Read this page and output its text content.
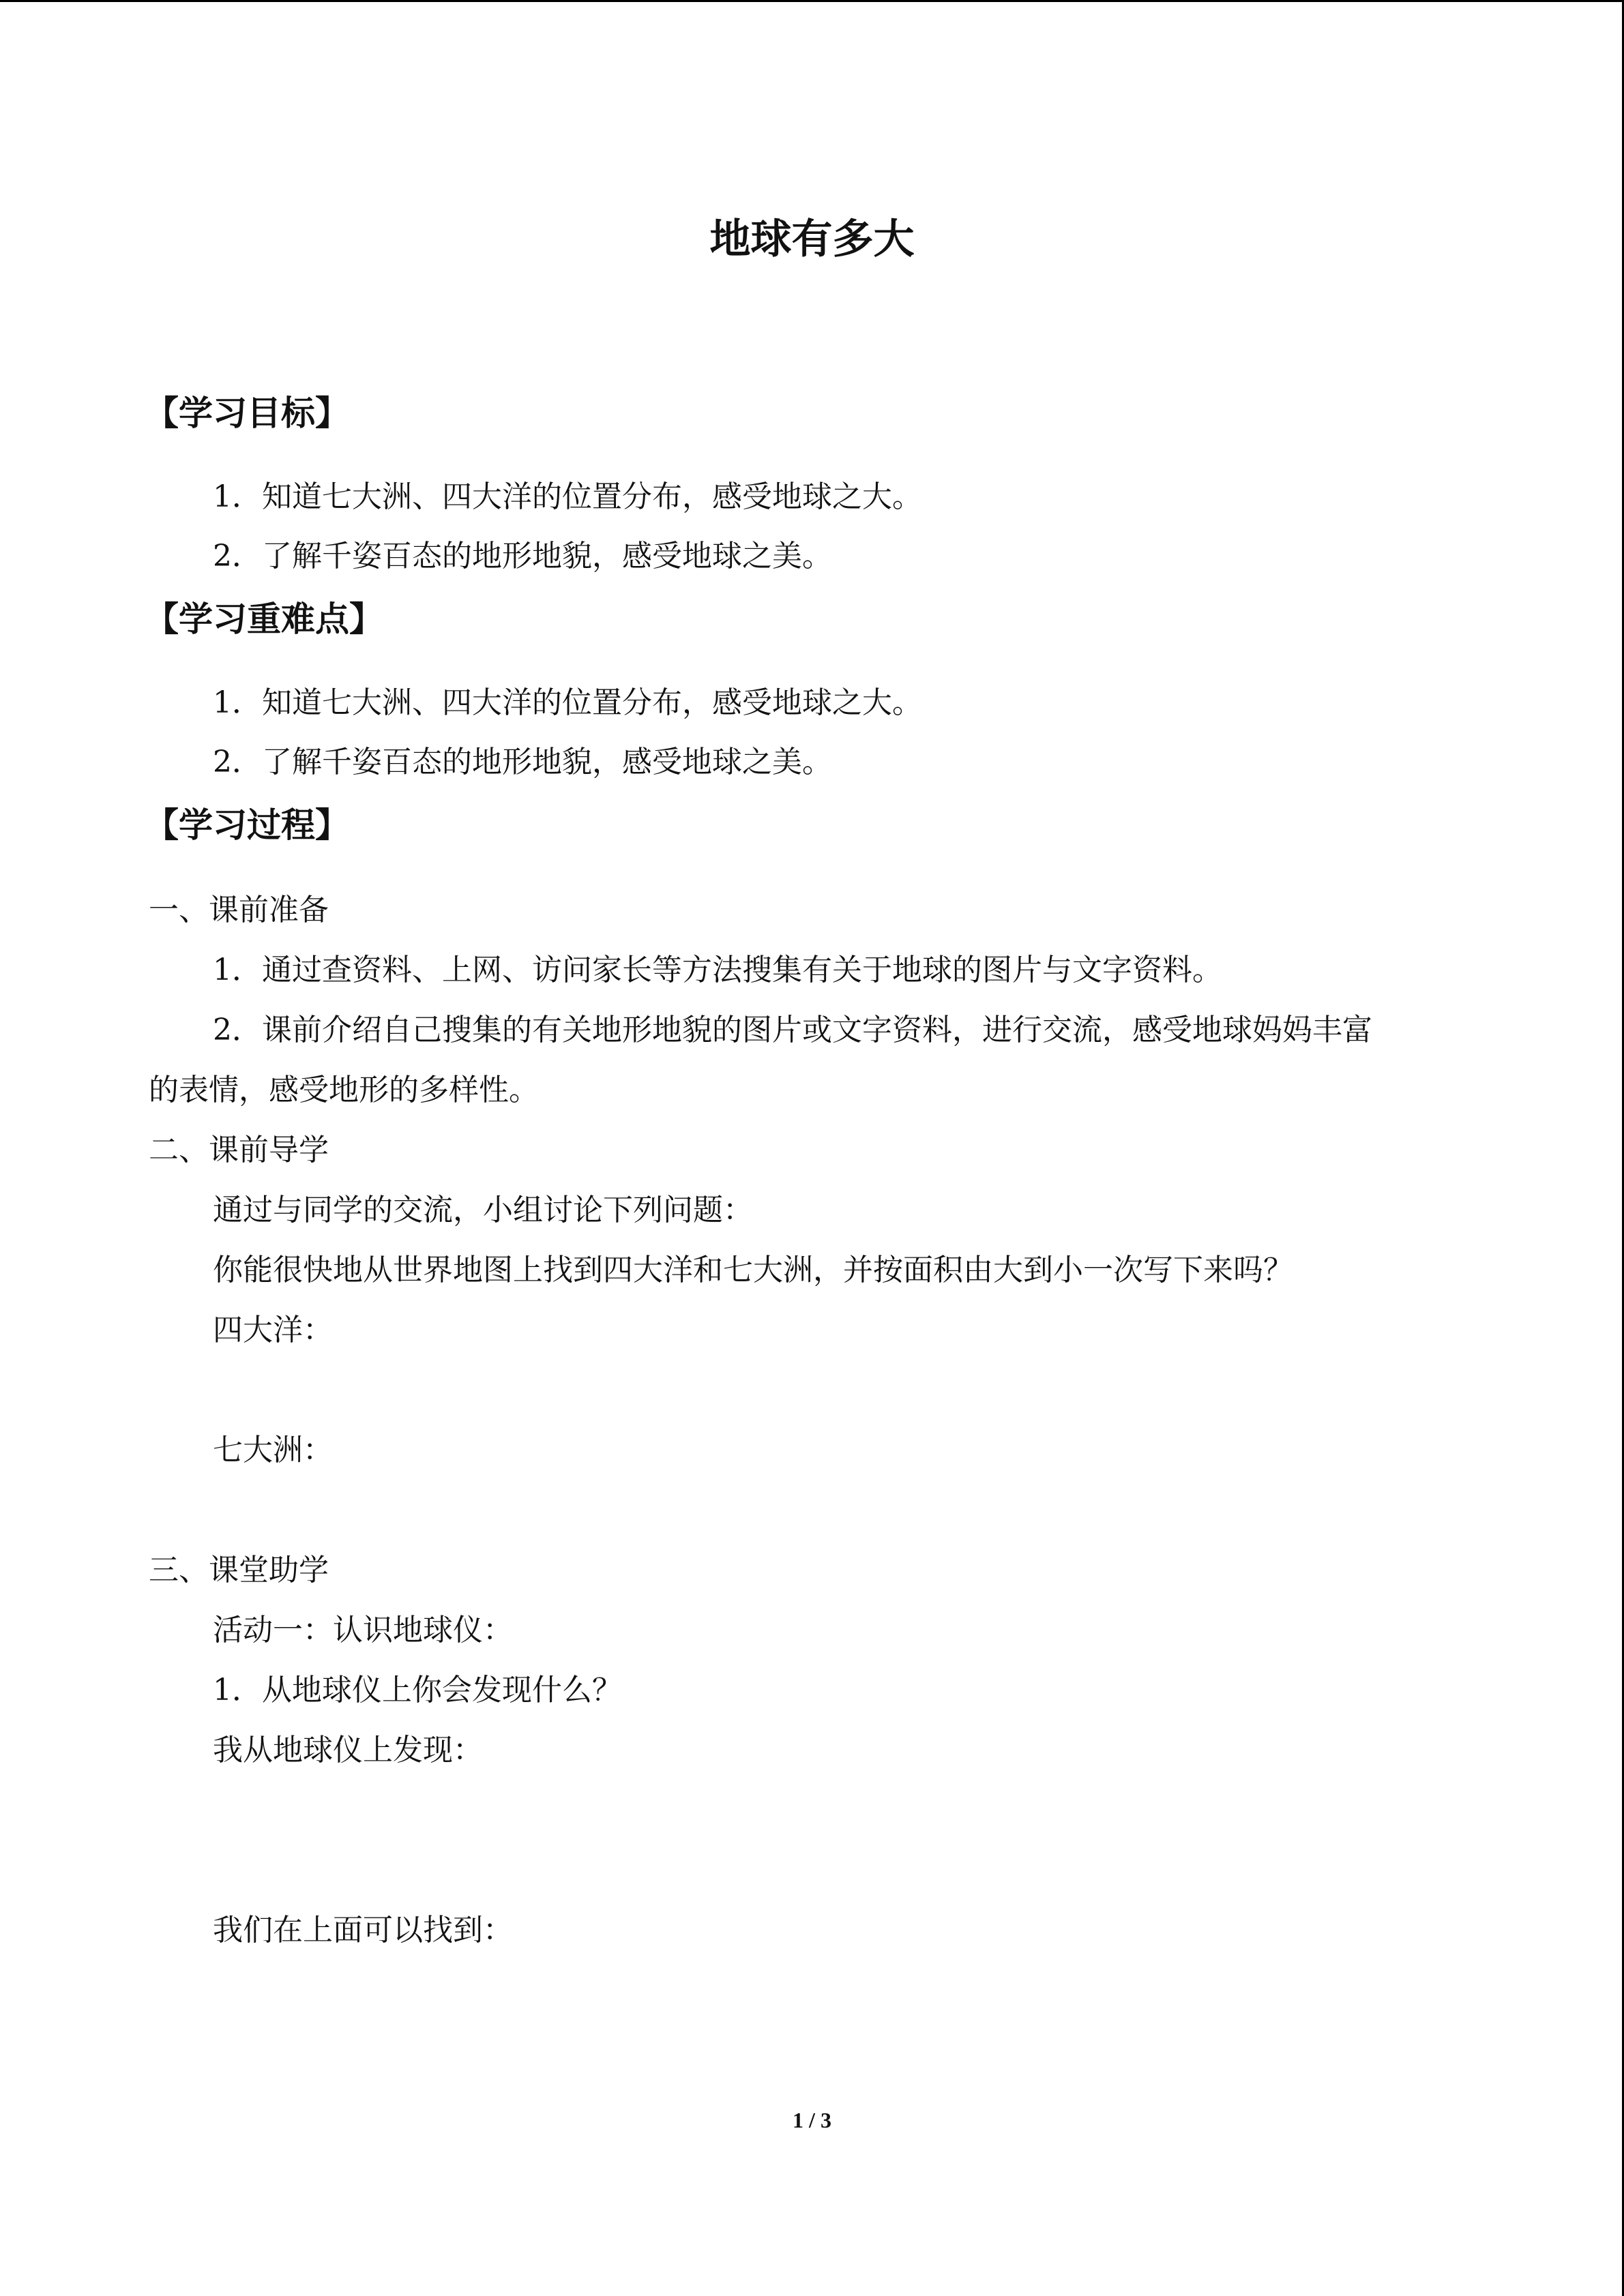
地球有多大
【学习目标】
1．知道七大洲、四大洋的位置分布，感受地球之大。
2．了解千姿百态的地形地貌，感受地球之美。
【学习重难点】
1．知道七大洲、四大洋的位置分布，感受地球之大。
2．了解千姿百态的地形地貌，感受地球之美。
【学习过程】
一、课前准备
1．通过查资料、上网、访问家长等方法搜集有关于地球的图片与文字资料。
2．课前介绍自己搜集的有关地形地貌的图片或文字资料，进行交流，感受地球妈妈丰富
的表情，感受地形的多样性。
二、课前导学
通过与同学的交流，小组讨论下列问题：
你能很快地从世界地图上找到四大洋和七大洲，并按面积由大到小一次写下来吗？
四大洋：
七大洲：
三、课堂助学
活动一：认识地球仪：
1．从地球仪上你会发现什么？
我从地球仪上发现：
我们在上面可以找到：
1 / 3
